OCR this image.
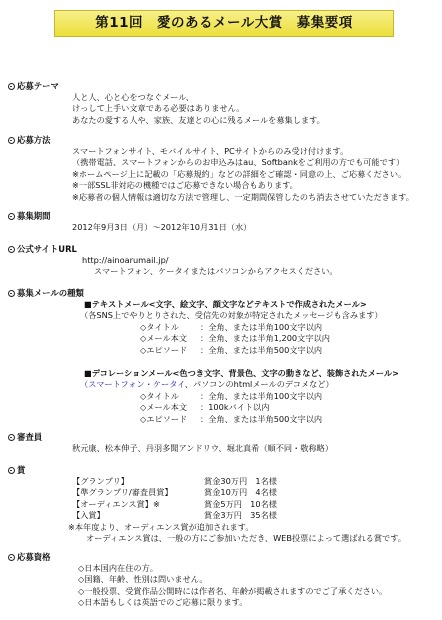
第11回　愛のあるメール大賞　募集要項
応募テーマ
人と人、心と心をつなぐメール、
けっして上手い文章である必要はありません。
あなたの愛する人や、家族、友達との心に残るメールを募集します。
応募方法
スマートフォンサイト、モバイルサイト、PCサイトからのみ受け付けます。
（携帯電話、スマートフォンからのお申込みはau、Softbankをご利用の方でも可能です）
※ホームページ上に記載の「応募規約」などの詳細をご確認・同意の上、ご応募ください。
※一部SSL非対応の機種ではご応募できない場合もあります。
※応募者の個人情報は適切な方法で管理し、一定期間保管したのち消去させていただきます。
募集期間
2012年9月3日（月）〜2012年10月31日（水）
公式サイトURL
http://ainoarumail.jp/
スマートフォン、ケータイまたはパソコンからアクセスください。
募集メールの種類
■テキストメール<文字、絵文字、顔文字などテキストで作成されたメール>
（各SNS上でやりとりされた、受信先の対象が特定されたメッセージも含みます）
◇タイトル	：全角、または半角100文字以内
◇メール本文	：全角、または半角1,200文字以内
◇エピソード	：全角、または半角500文字以内
■デコレーションメール<色つき文字、背景色、文字の動きなど、装飾されたメール>
（スマートフォン・ケータイ、パソコンのhtmlメールのデコメなど）
◇タイトル	：全角、または半角100文字以内
◇メール本文	：100kバイト以内
◇エピソード	：全角、または半角500文字以内
審査員
秋元康、松本伸子、丹羽多聞アンドリウ、堀北真希（順不同・敬称略）
賞
【グランプリ】	賞金30万円　1名様
【準グランプリ/審査員賞】	賞金10万円　4名様
【オーディエンス賞】※	賞金5万円　10名様
【入賞】	賞金3万円　35名様
※本年度より、オーディエンス賞が追加されます。
オーディエンス賞は、一般の方にご参加いただき、WEB投票によって選ばれる賞です。
応募資格
◇日本国内在住の方。
◇国籍、年齢、性別は問いません。
◇一般投票、受賞作品公開時には作者名、年齢が掲載されますのでご了承ください。
◇日本語もしくは英語でのご応募に限ります。
